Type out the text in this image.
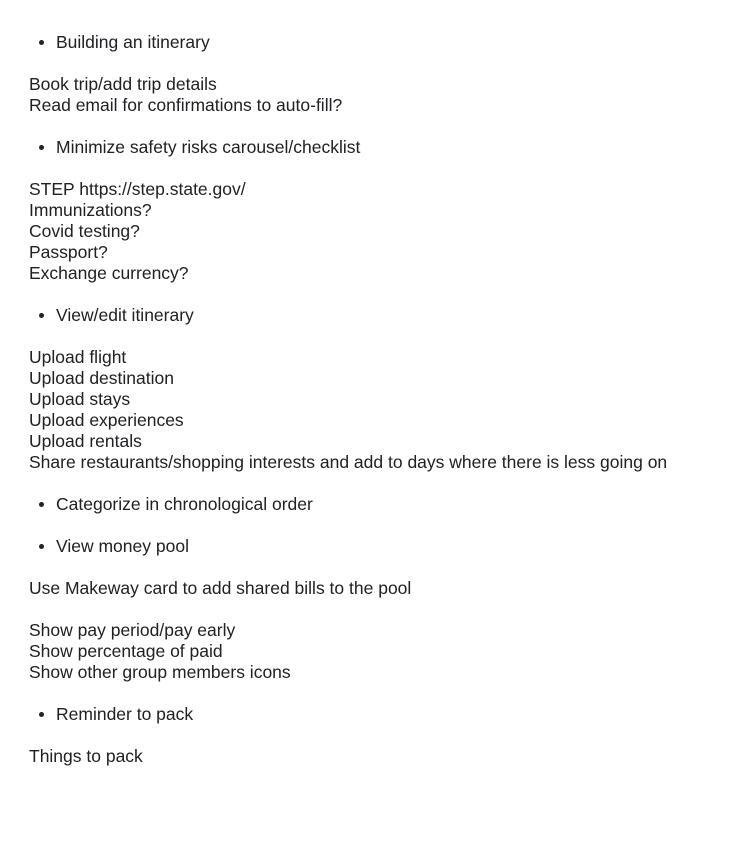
Building an itinerary
Book trip/add trip details
Read email for confirmations to auto-fill?
Minimize safety risks carousel/checklist
STEP https://step.state.gov/
Immunizations?
Covid testing?
Passport?
Exchange currency?
View/edit itinerary
Upload flight
Upload destination
Upload stays
Upload experiences
Upload rentals
Share restaurants/shopping interests and add to days where there is less going on
Categorize in chronological order
View money pool
Use Makeway card to add shared bills to the pool
Show pay period/pay early
Show percentage of paid
Show other group members icons
Reminder to pack
Things to pack
